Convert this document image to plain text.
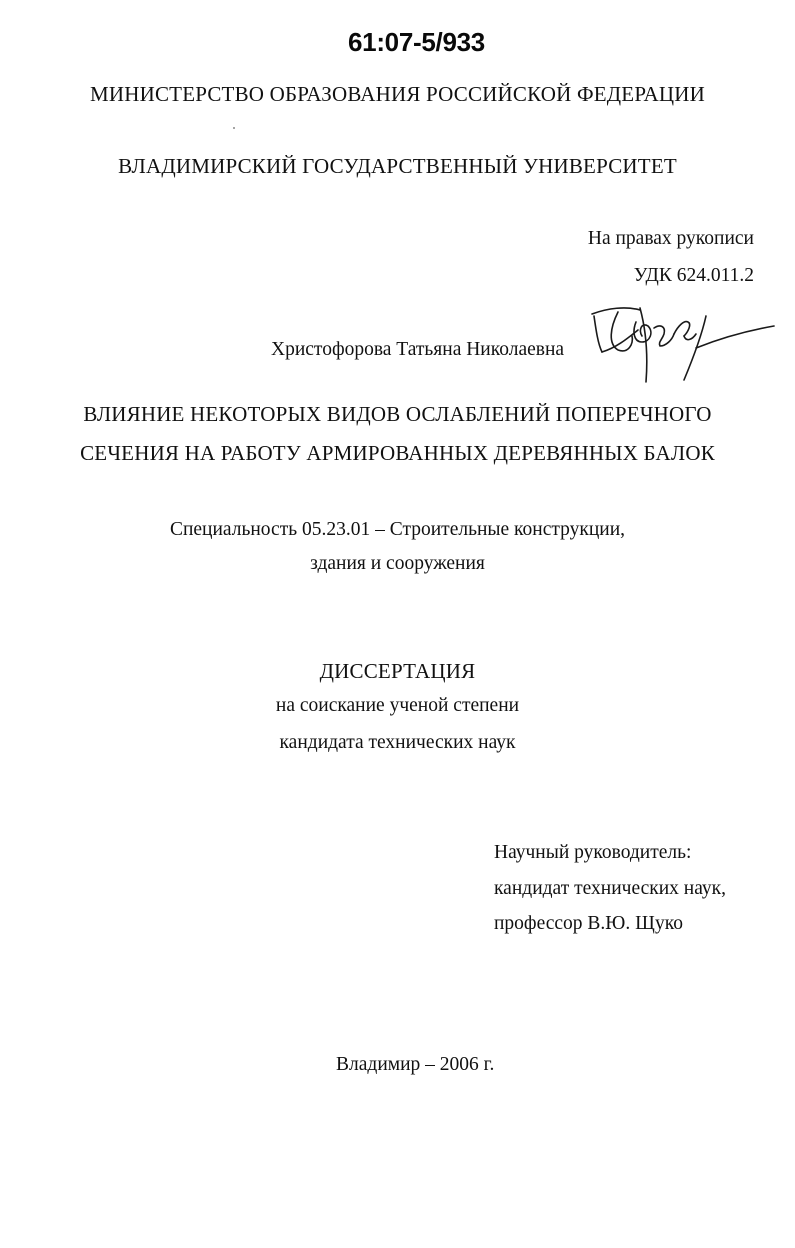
61:07-5/933
МИНИСТЕРСТВО ОБРАЗОВАНИЯ РОССИЙСКОЙ ФЕДЕРАЦИИ
ВЛАДИМИРСКИЙ ГОСУДАРСТВЕННЫЙ УНИВЕРСИТЕТ
На правах рукописи
УДК 624.011.2
Христофорова Татьяна Николаевна
ВЛИЯНИЕ НЕКОТОРЫХ ВИДОВ ОСЛАБЛЕНИЙ ПОПЕРЕЧНОГО
СЕЧЕНИЯ НА РАБОТУ АРМИРОВАННЫХ ДЕРЕВЯННЫХ БАЛОК
Специальность 05.23.01 – Строительные конструкции,
здания и сооружения
ДИССЕРТАЦИЯ
на соискание ученой степени
кандидата технических наук
Научный руководитель:
кандидат технических наук,
профессор В.Ю. Щуко
Владимир – 2006 г.
